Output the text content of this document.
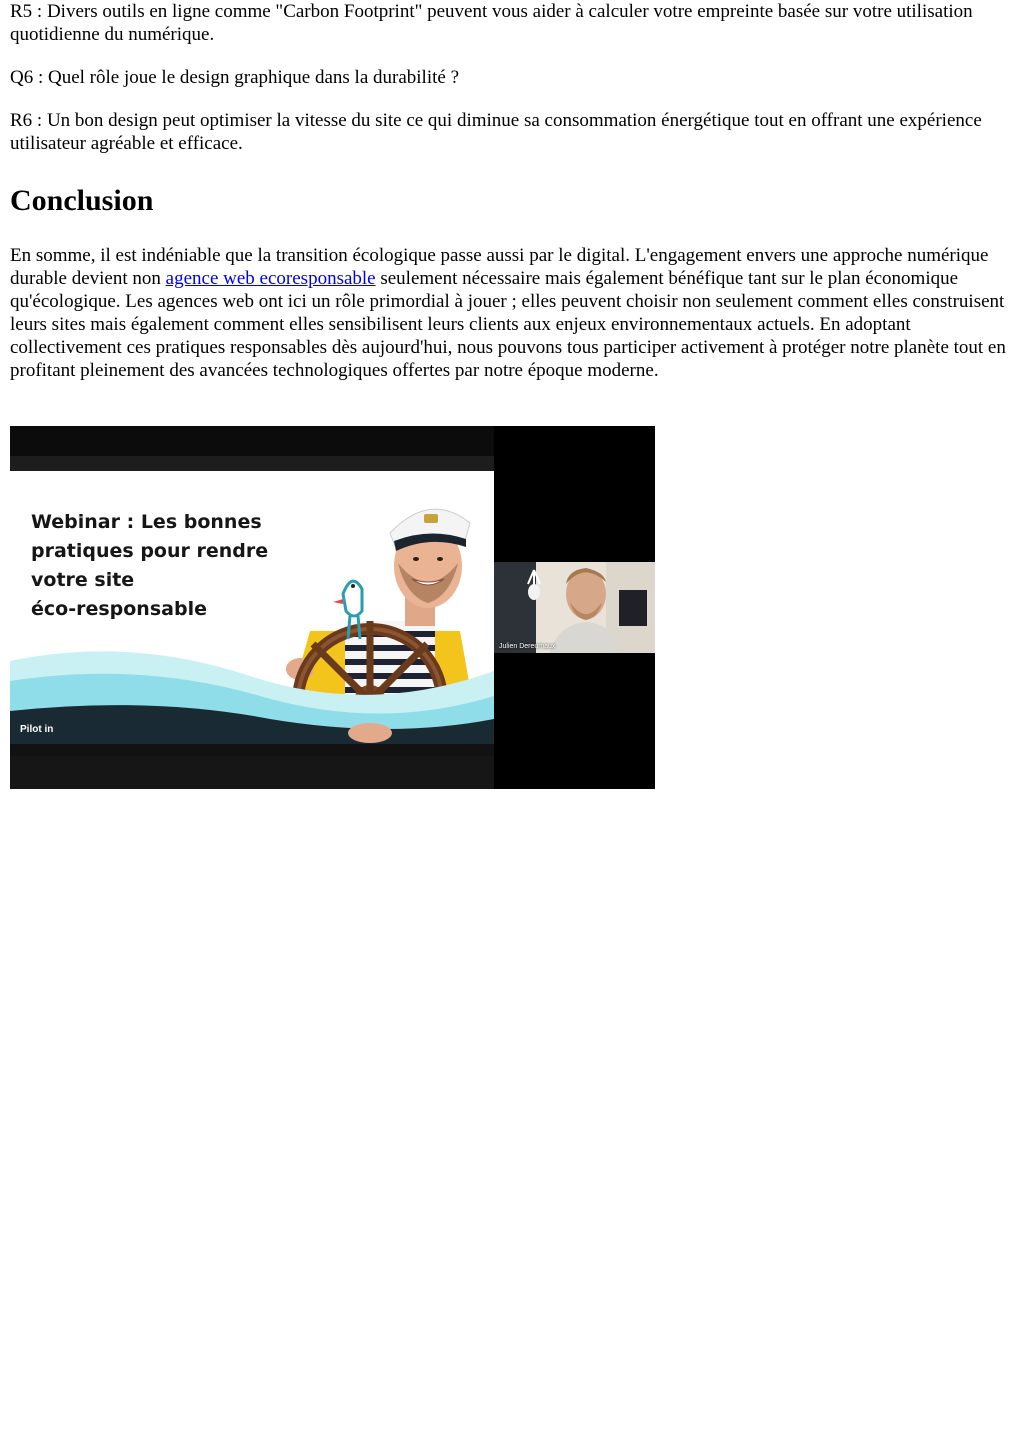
R5 : Divers outils en ligne comme "Carbon Footprint" peuvent vous aider à calculer votre empreinte basée sur votre utilisation quotidienne du numérique.

Q6 : Quel rôle joue le design graphique dans la durabilité ?

R6 : Un bon design peut optimiser la vitesse du site ce qui diminue sa consommation énergétique tout en offrant une expérience utilisateur agréable et efficace.

Conclusion

En somme, il est indéniable que la transition écologique passe aussi par le digital. L'engagement envers une approche numérique durable devient non agence web ecoresponsable seulement nécessaire mais également bénéfique tant sur le plan économique qu'écologique. Les agences web ont ici un rôle primordial à jouer ; elles peuvent choisir non seulement comment elles construisent leurs sites mais également comment elles sensibilisent leurs clients aux enjeux environnementaux actuels. En adoptant collectivement ces pratiques responsables dès aujourd'hui, nous pouvons tous participer activement à protéger notre planète tout en profitant pleinement des avancées technologiques offertes par notre époque moderne.

Webinar : Les bonnes
pratiques pour rendre
votre site
éco-responsable
Pilot in
Julien Dereumaux
